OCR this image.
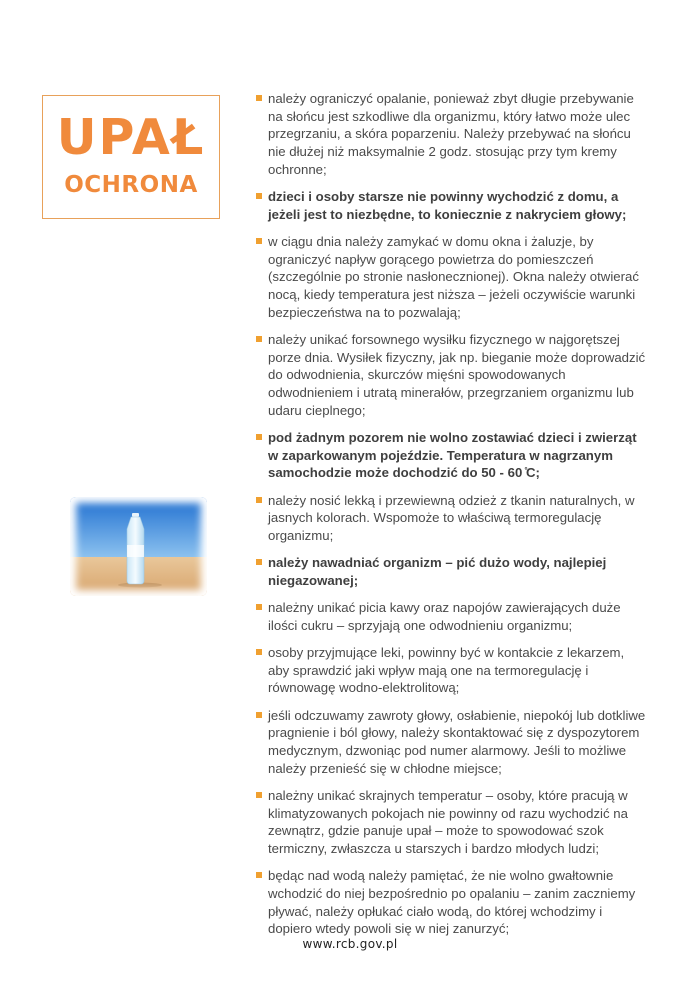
UPAŁ
OCHRONA
należy ograniczyć opalanie, ponieważ zbyt długie przebywanie na słońcu jest szkodliwe dla organizmu, który łatwo może ulec przegrzaniu, a skóra poparzeniu. Należy przebywać na słońcu nie dłużej niż maksymalnie 2 godz. stosując przy tym kremy ochronne;
dzieci i osoby starsze nie powinny wychodzić z domu, a jeżeli jest to niezbędne, to koniecznie z nakryciem głowy;
w ciągu dnia należy zamykać w domu okna i żaluzje, by ograniczyć napływ gorącego powietrza do pomieszczeń (szczególnie po stronie nasłonecznionej). Okna należy otwierać nocą, kiedy temperatura jest niższa – jeżeli oczywiście warunki bezpieczeństwa na to pozwalają;
należy unikać forsownego wysiłku fizycznego w najgorętszej porze dnia. Wysiłek fizyczny, jak np. bieganie może doprowadzić do odwodnienia, skurczów mięśni spowodowanych odwodnieniem i utratą minerałów, przegrzaniem organizmu lub udaru cieplnego;
pod żadnym pozorem nie wolno zostawiać dzieci i zwierząt w zaparkowanym pojeździe. Temperatura w nagrzanym samochodzie może dochodzić do 50 - 60 ̊C;
należy nosić lekką i przewiewną odzież z tkanin naturalnych, w jasnych kolorach. Wspomoże to właściwą termoregulację organizmu;
należy nawadniać organizm – pić dużo wody, najlepiej niegazowanej;
należny unikać picia kawy oraz napojów zawierających duże ilości cukru – sprzyjają one odwodnieniu organizmu;
osoby przyjmujące leki, powinny być w kontakcie z lekarzem, aby sprawdzić jaki wpływ mają one na termoregulację i równowagę wodno-elektrolitową;
jeśli odczuwamy zawroty głowy, osłabienie, niepokój lub dotkliwe pragnienie i ból głowy, należy skontaktować się z dyspozytorem medycznym, dzwoniąc pod numer alarmowy. Jeśli to możliwe należy przenieść się w chłodne miejsce;
należny unikać skrajnych temperatur – osoby, które pracują w klimatyzowanych pokojach nie powinny od razu wychodzić na zewnątrz, gdzie panuje upał – może to spowodować szok termiczny, zwłaszcza u starszych i bardzo młodych ludzi;
będąc nad wodą należy pamiętać, że nie wolno gwałtownie wchodzić do niej bezpośrednio po opalaniu – zanim zaczniemy pływać, należy opłukać ciało wodą, do której wchodzimy i dopiero wtedy powoli się w niej zanurzyć;
www.rcb.gov.pl
